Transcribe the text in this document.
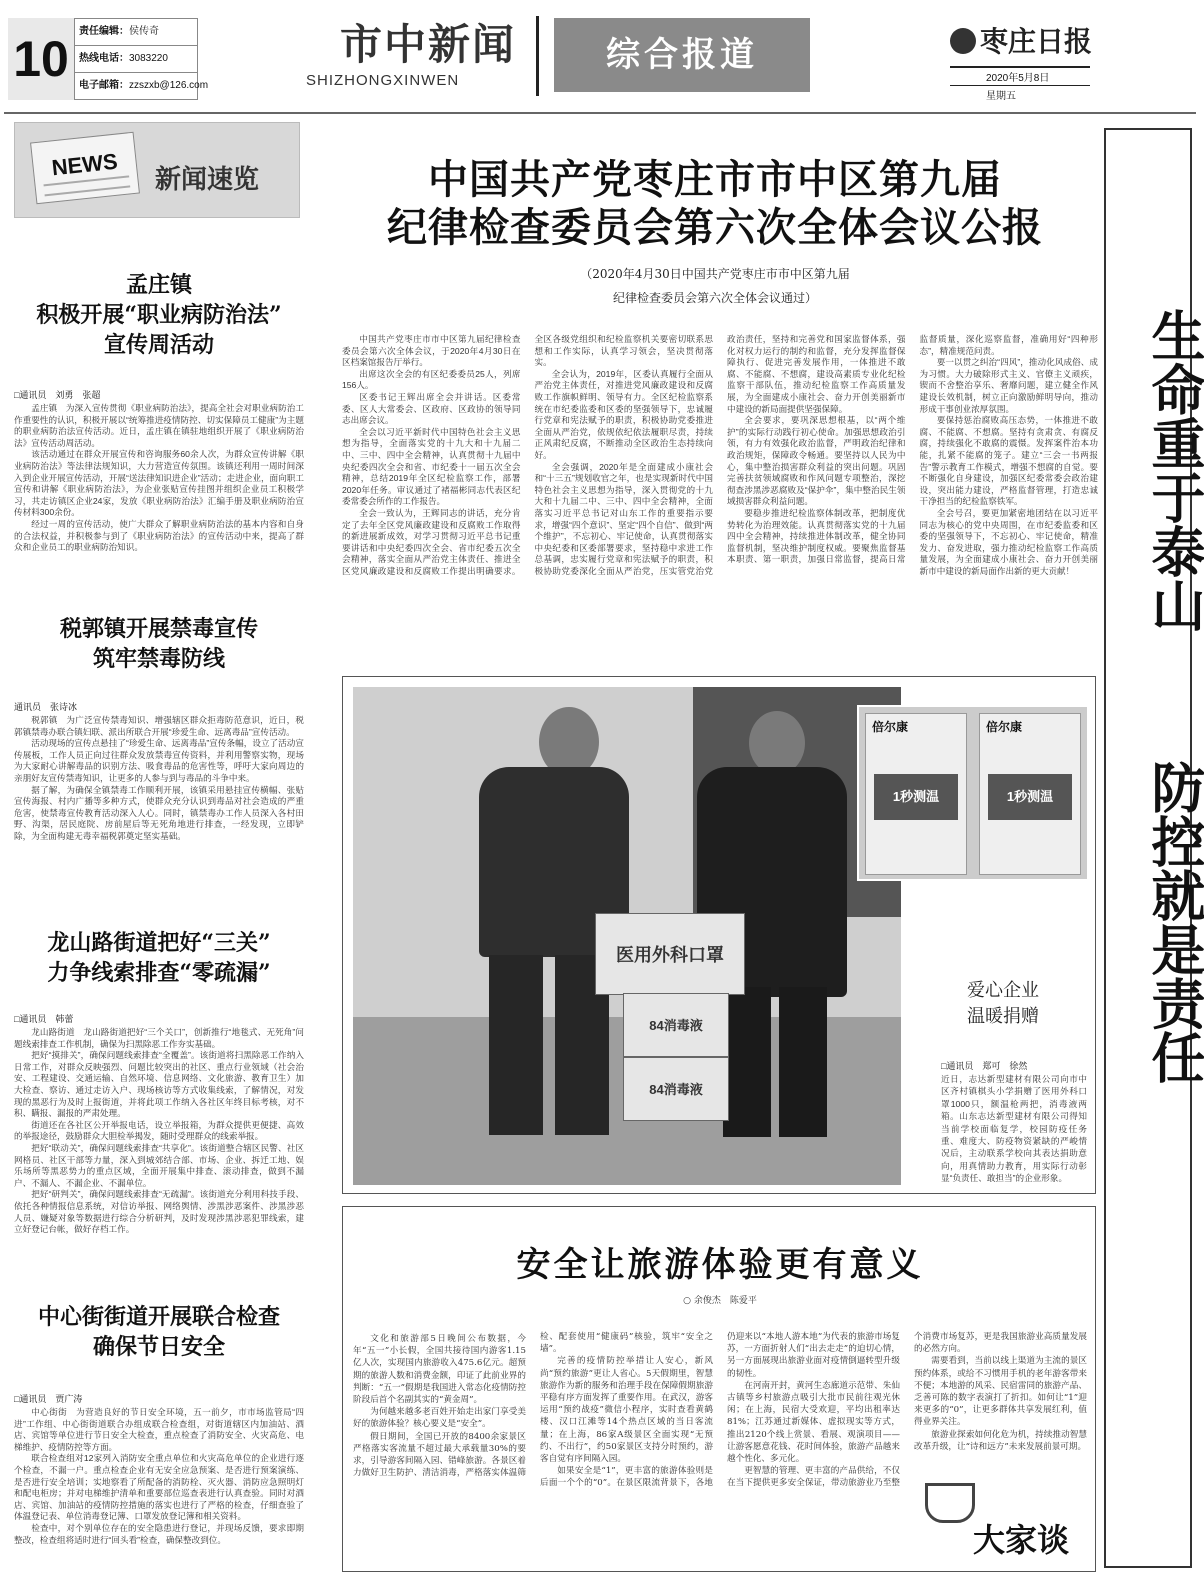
10	责任编辑：侯传奇
热线电话：3083220
电子邮箱：zzszxb@126.com
市中新闻
SHIZHONGXINWEN
综合报道	枣庄日报
2020年5月8日
星期五
NEWS	新闻速览
孟庄镇
积极开展“职业病防治法”
宣传周活动
□通讯员　刘勇　张超

孟庄镇　为深入宣传贯彻《职业病防治法》，提高全社会对职业病防治工作重要性的认识，积极开展以“统筹推进疫情防控、切实保障员工健康”为主题的职业病防治法宣传活动。近日，孟庄镇在镇驻地组织开展了《职业病防治法》宣传活动周活动。

该活动通过在群众开展宣传和咨询服务60余人次，为群众宣传讲解《职业病防治法》等法律法规知识，大力营造宣传氛围。该镇还利用一周时间深入到企业开展宣传活动，开展“送法律知识进企业”活动；走进企业，面向职工宣传和讲解《职业病防治法》，为企业张贴宣传挂图并组织企业员工积极学习，共走访镇区企业24家，发放《职业病防治法》汇编手册及职业病防治宣传材料300余份。

经过一周的宣传活动，使广大群众了解职业病防治法的基本内容和自身的合法权益，并积极参与到了《职业病防治法》的宣传活动中来，提高了群众和企业员工的职业病防治知识。

税郭镇开展禁毒宣传
筑牢禁毒防线
通讯员　张诗冰

税郭镇　为广泛宣传禁毒知识、增强辖区群众拒毒防范意识，近日，税郭镇禁毒办联合镇妇联、派出所联合开展“珍爱生命、远离毒品”宣传活动。

活动现场的宣传点悬挂了“珍爱生命、远离毒品”宣传条幅，设立了活动宣传展板，工作人员正向过往群众发放禁毒宣传资料，并利用警察实物，现场为大家耐心讲解毒品的识别方法、吸食毒品的危害性等，呼吁大家向周边的亲朋好友宣传禁毒知识，让更多的人参与到与毒品的斗争中来。

据了解，为确保全镇禁毒工作顺利开展，该镇采用悬挂宣传横幅、张贴宣传海报、村内广播等多种方式，使群众充分认识到毒品对社会造成的严重危害，使禁毒宣传教育活动深入人心。同时，镇禁毒办工作人员深入各村田野、沟渠，居民庭院、房前屋后等无死角地进行排查，一经发现，立即铲除，为全面构建无毒幸福税郭奠定坚实基础。

龙山路街道把好“三关”
力争线索排查“零疏漏”
□通讯员　韩蕾

龙山路街道　龙山路街道把好“三个关口”，创新推行“地毯式、无死角”问题线索排查工作机制，确保为扫黑除恶工作夯实基础。

把好“摸排关”，确保问题线索排查“全覆盖”。该街道将扫黑除恶工作纳入日常工作，对群众反映强烈、问题比较突出的社区、重点行业领域（社会治安、工程建设、交通运输、自然环境、信息网络、文化旅游、教育卫生）加大检查、察访、通过走访入户、现场核访等方式收集线索，了解情况，对发现的黑恶行为及时上报街道，并将此项工作纳入各社区年终目标考核，对不积、瞒报、漏报的严肃处理。

街道还在各社区公开举报电话，设立举报箱，为群众提供更便捷、高效的举报途径，鼓励群众大胆检举揭发，随时受理群众的线索举报。

把好“联动关”，确保问题线索排查“共享化”。该街道整合辖区民警、社区网格员、社区干部等力量，深入到城郊结合部、市场、企业、拆迁工地、娱乐场所等黑恶势力的重点区域，全面开展集中排查、滚动排查，做到不漏户、不漏人、不漏企业、不漏单位。

把好“研判关”，确保问题线索排查“无疏漏”。该街道充分利用科技手段、依托各种情报信息系统，对信访举报、网络舆情、涉黑涉恶案件、涉黑涉恶人员、嫌疑对象等数据进行综合分析研判，及时发现涉黑涉恶犯罪线索，建立好登记台帐，做好存档工作。

中心街街道开展联合检查
确保节日安全
□通讯员　贾广涛

中心街街　为营造良好的节日安全环境，五一前夕，市市场监管局“四进”工作组、中心街街道联合办组成联合检查组，对街道辖区内加油站、酒店、宾馆等单位进行节日安全大检查，重点检查了消防安全、火灾高危、电梯维护、疫情防控等方面。

联合检查组对12家列入消防安全重点单位和火灾高危单位的企业进行逐个检查，不漏一户。重点检查企业有无安全应急预案、是否进行预案演练、是否进行安全培训；实地察看了所配备的消防栓、灭火器、消防应急照明灯和配电柜房；并对电梯维护清单和重要部位巡查表进行认真查验。同时对酒店、宾馆、加油站的疫情防控措施的落实也进行了严格的检查，仔细查验了体温登记表、单位消毒登记簿、口罩发放登记簿和相关资料。

检查中，对个别单位存在的安全隐患进行登记，并现场反馈，要求即期整改，检查组将适时进行“回头看”检查，确保整改到位。

中国共产党枣庄市市中区第九届
纪律检查委员会第六次全体会议公报
（2020年4月30日中国共产党枣庄市市中区第九届
纪律检查委员会第六次全体会议通过）

中国共产党枣庄市市中区第九届纪律检查委员会第六次全体会议，于2020年4月30日在区档案馆报告厅举行。

出席这次全会的有区纪委委员25人，列席156人。

区委书记王辉出席全会并讲话。区委常委、区人大常委会、区政府、区政协的领导同志出席会议。

全会以习近平新时代中国特色社会主义思想为指导，全面落实党的十九大和十九届二中、三中、四中全会精神，认真贯彻十九届中央纪委四次全会和省、市纪委十一届五次全会精神，总结2019年全区纪检监察工作，部署2020年任务。审议通过了褚福彬同志代表区纪委常委会所作的工作报告。

全会一致认为，王辉同志的讲话，充分肯定了去年全区党风廉政建设和反腐败工作取得的新进展新成效，对学习贯彻习近平总书记重要讲话和中央纪委四次全会、省市纪委五次全会精神，落实全面从严治党主体责任、推进全区党风廉政建设和反腐败工作提出明确要求。全区各级党组织和纪检监察机关要密切联系思想和工作实际，认真学习领会，坚决贯彻落实。

全会认为，2019年，区委认真履行全面从严治党主体责任，对推进党风廉政建设和反腐败工作旗帜鲜明、领导有力。全区纪检监察系统在市纪委监委和区委的坚强领导下，忠诚履行党章和宪法赋予的职责，积极协助党委推进全面从严治党，依规依纪依法履职尽责，持续正风肃纪反腐，不断推动全区政治生态持续向好。

全会强调，2020年是全面建成小康社会和“十三五”规划收官之年，也是实现新时代中国特色社会主义思想为指导，深入贯彻党的十九大和十九届二中、三中、四中全会精神，全面落实习近平总书记对山东工作的重要指示要求，增强“四个意识”、坚定“四个自信”、做到“两个维护”，不忘初心、牢记使命，认真贯彻落实中央纪委和区委部署要求，坚持稳中求进工作总基调，忠实履行党章和宪法赋予的职责，积极协助党委深化全面从严治党，压实管党治党政治责任，坚持和完善党和国家监督体系，强化对权力运行的制约和监督，充分发挥监督保障执行、促进完善发展作用，一体推进不敢腐、不能腐、不想腐，建设高素质专业化纪检监察干部队伍，推动纪检监察工作高质量发展，为全面建成小康社会、奋力开创美丽新市中建设的新局面提供坚强保障。

全会要求，要巩深思想根基，以“两个维护”的实际行动践行初心使命。加强思想政治引领，有力有效强化政治监督，严明政治纪律和政治规矩，保障政令畅通。要坚持以人民为中心，集中整治损害群众利益的突出问题。巩固完善扶贫领域腐败和作风问题专项整治，深挖彻查涉黑涉恶腐败及“保护伞”，集中整治民生领域损害群众利益问题。

要稳步推进纪检监察体制改革，把制度优势转化为治理效能。认真贯彻落实党的十九届四中全会精神，持续推进体制改革，健全协同监督机制，坚决维护制度权威。要聚焦监督基本职责、第一职责，加强日常监督，提高日常监督质量，深化巡察监督，准确用好“四种形态”，精准规范问责。

要一以贯之纠治“四风”，推动化风成俗、成为习惯。大力破除形式主义、官僚主义顽疾，锲而不舍整治享乐、奢靡问题，建立健全作风建设长效机制，树立正向激励鲜明导向，推动形成干事创业浓厚氛围。

要保持惩治腐败高压态势，一体推进不敢腐、不能腐、不想腐。坚持有贪肃贪、有腐反腐，持续强化不敢腐的震慑。发挥案件治本功能，扎紧不能腐的笼子。建立“三会一书两报告”警示教育工作模式，增强不想腐的自觉。要不断强化自身建设，加强区纪委常委会政治建设，突出能力建设，严格监督管理，打造忠诚干净担当的纪检监察铁军。

全会号召，要更加紧密地团结在以习近平同志为核心的党中央周围，在市纪委监委和区委的坚强领导下，不忘初心、牢记使命，精准发力、奋发进取，强力推动纪检监察工作高质量发展，为全面建成小康社会、奋力开创美丽新市中建设的新局面作出新的更大贡献！

医用外科口罩
84消毒液
84消毒液
倍尔康
1秒测温
倍尔康
1秒测温
爱心企业
温暖捐赠
□通讯员　郑可　徐然
近日，志达新型建材有限公司向市中区齐村镇棋头小学捐赠了医用外科口罩1000只，额温枪两把，消毒液两箱。山东志达新型建材有限公司得知当前学校面临复学，校园防疫任务重、难度大、防疫物资紧缺的严峻情况后，主动联系学校向其表达捐助意向，用真情助力教育，用实际行动彰显“负责任、敢担当”的企业形象。
安全让旅游体验更有意义
○ 余俊杰　陈爱平

文化和旅游部5日晚间公布数据，今年“五一”小长假，全国共接待国内游客1.15亿人次，实现国内旅游收入475.6亿元。超预期的旅游人数和消费金额，印证了此前业界的判断：“五一”假期是我国进入常态化疫情防控阶段后首个名副其实的“黄金周”。

为何越来越多老百姓开始走出家门享受美好的旅游体验？核心要义是“安全”。

假日期间，全国已开放的8400余家景区严格落实客流量不超过最大承载量30%的要求，引导游客间隔入园、错峰旅游。各景区着力做好卫生防护、清洁消毒，严格落实体温筛检、配套使用“健康码”核验，筑牢“安全之墙”。

完善的疫情防控举措让人安心，新风尚“预约旅游”更让人省心。5天假期里，智慧旅游作为新的服务和治理手段在保障假期旅游平稳有序方面发挥了重要作用。在武汉，游客运用“预约战疫”微信小程序，实时查看黄鹤楼、汉口江滩等14个热点区域的当日客流量；在上海，86家A级景区全面实现“无预约、不出行”，约50家景区支持分时预约，游客自觉有序间隔入园。

如果安全是“1”，更丰富的旅游体验则是后面一个个的“0”。在景区限流背景下，各地仍迎来以“本地人游本地”为代表的旅游市场复苏，一方面折射人们“出去走走”的迫切心情，另一方面展现出旅游业面对疫情倒逼转型升级的韧性。

在河南开封，黄河生态廊道示范带、朱仙古镇等乡村旅游点吸引大批市民前往观光休闲；在上海，民宿大受欢迎，平均出租率达81%；江苏通过新媒体、虚拟现实等方式，推出2120个线上赏景、看展、观演项目——让游客愿意花钱、花时间体验，旅游产品越来越个性化、多元化。

更智慧的管理、更丰富的产品供给，不仅在当下提供更多安全保证，带动旅游业乃至整个消费市场复苏，更是我国旅游业高质量发展的必然方向。

需要看到，当前以线上渠道为主流的景区预约体系，或给不习惯用手机的老年游客带来不便；本地游的风采、民宿雷同的旅游产品、乏善可陈的数字表演打了折扣。如何让“1”迎来更多的“0”，让更多群体共享发展红利，值得业界关注。

旅游业探索如何化危为机，持续推动智慧改革升级，让“诗和远方”未来发展前景可期。

大家谈
生命重于泰山
防控就是责任
